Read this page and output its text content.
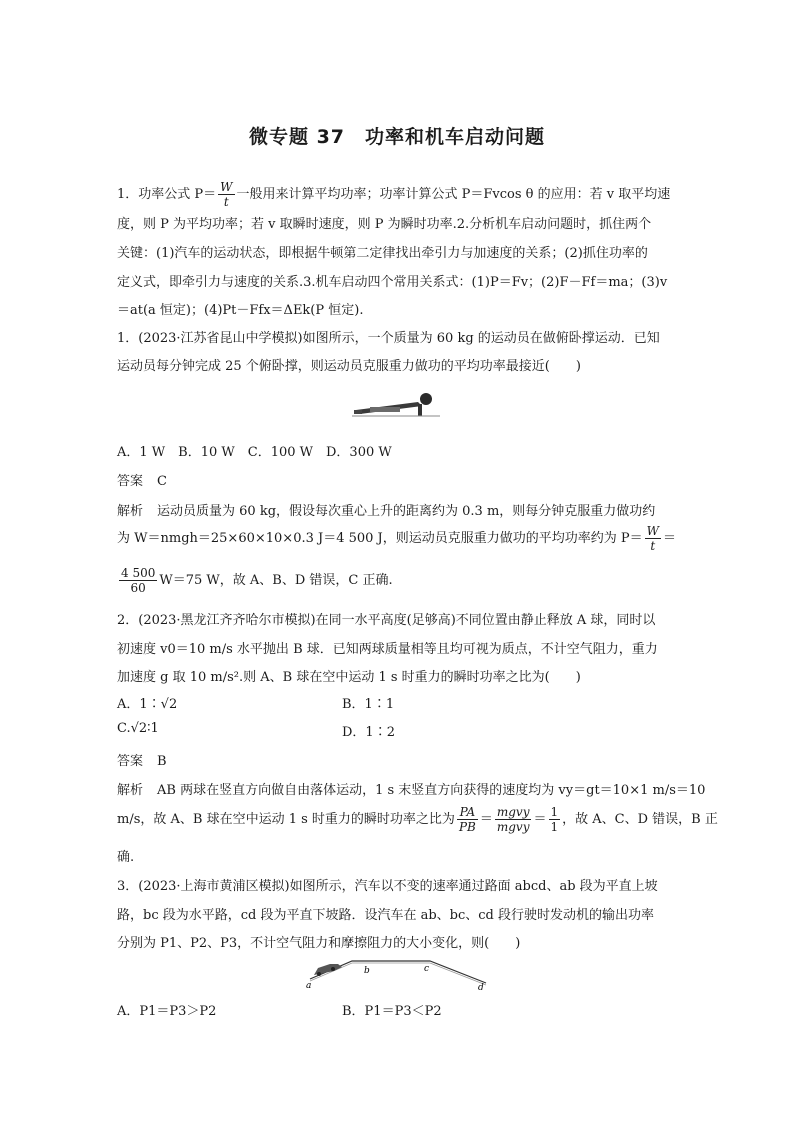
微专题 37　功率和机车启动问题
1．功率公式 $P= \frac{W}{t}$ 一般用来计算平均功率；功率计算公式 P＝Fvcos θ 的应用：若 v 取平均速
度，则 P 为平均功率；若 v 取瞬时速度，则 P 为瞬时功率.2.分析机车启动问题时，抓住两个
关键：(1)汽车的运动状态，即根据牛顿第二定律找出牵引力与加速度的关系；(2)抓住功率的
定义式，即牵引力与速度的关系.3.机车启动四个常用关系式：(1)P＝Fv；(2)F－Ff＝ma；(3)v
＝at(a 恒定)；(4)Pt－Ffx＝ΔEk(P 恒定).
1．(2023·江苏省昆山中学模拟)如图所示，一个质量为 60 kg 的运动员在做俯卧撑运动．已知
运动员每分钟完成 25 个俯卧撑，则运动员克服重力做功的平均功率最接近(　　)
A．1 W　B．10 W　C．100 W　D．300 W
答案 C
解析 运动员质量为 60 kg，假设每次重心上升的距离约为 0.3 m，则每分钟克服重力做功约
为 W＝nmgh＝25×60×10×0.3 J＝4 500 J，则运动员克服重力做功的平均功率约为 $P= \frac{W}{t}$ ＝
$\frac{4 500}{60} W=75$ W，故 A、B、D 错误，C 正确.
2．(2023·黑龙江齐齐哈尔市模拟)在同一水平高度(足够高)不同位置由静止释放 A 球，同时以
初速度 v0＝10 m/s 水平抛出 B 球．已知两球质量相等且均可视为质点，不计空气阻力，重力
加速度 g 取 10 m/s².则 A、B 球在空中运动 1 s 时重力的瞬时功率之比为(　　)
A．1∶√2	B．1∶1
C.√2∶1	D．1∶2
答案 B
解析 AB 两球在竖直方向做自由落体运动，1 s 末竖直方向获得的速度均为 vy＝gt＝10×1 m/s＝10
m/s，故 A、B 球在空中运动 1 s 时重力的瞬时功率之比为 $\frac{PA}{PB} = \frac{\text{mgvy}}{\text{mgvy}} = \frac{1}{1}$ ，故 A、C、D 错误，B 正
确.
3．(2023·上海市黄浦区模拟)如图所示，汽车以不变的速率通过路面 abcd、ab 段为平直上坡
路，bc 段为水平路，cd 段为平直下坡路．设汽车在 ab、bc、cd 段行驶时发动机的输出功率
分别为 P1、P2、P3，不计空气阻力和摩擦阻力的大小变化，则(　　)
a
b	c
d
A．P1＝P3＞P2	B．P1＝P3＜P2
